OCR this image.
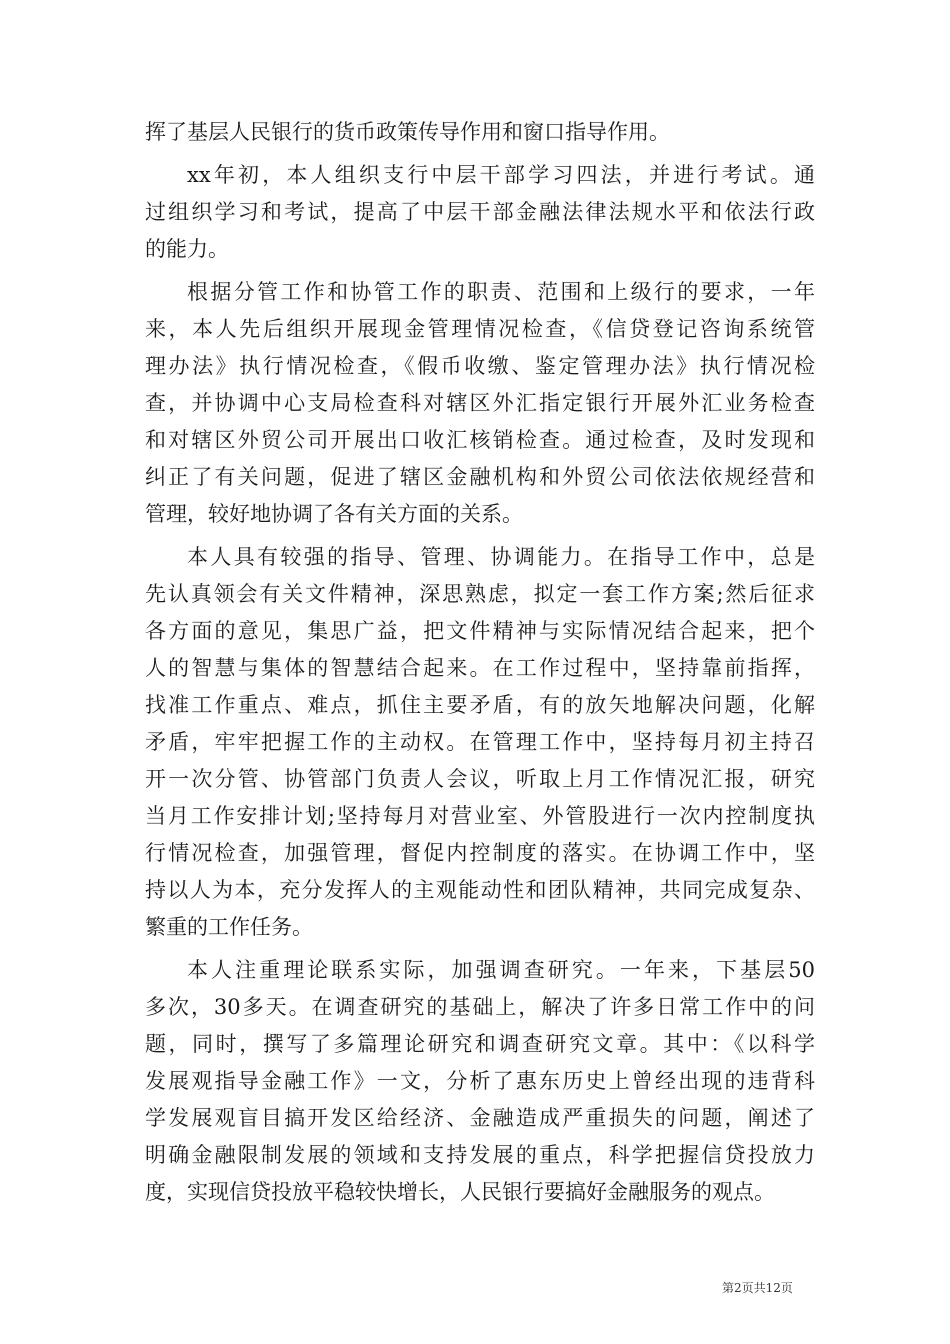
挥了基层人民银行的货币政策传导作用和窗口指导作用。
xx年初，本人组织支行中层干部学习四法，并进行考试。通
过组织学习和考试，提高了中层干部金融法律法规水平和依法行政
的能力。
根据分管工作和协管工作的职责、范围和上级行的要求，一年
来，本人先后组织开展现金管理情况检查，《信贷登记咨询系统管
理办法》执行情况检查，《假币收缴、鉴定管理办法》执行情况检
查，并协调中心支局检查科对辖区外汇指定银行开展外汇业务检查
和对辖区外贸公司开展出口收汇核销检查。通过检查，及时发现和
纠正了有关问题，促进了辖区金融机构和外贸公司依法依规经营和
管理，较好地协调了各有关方面的关系。
本人具有较强的指导、管理、协调能力。在指导工作中，总是
先认真领会有关文件精神，深思熟虑，拟定一套工作方案;然后征求
各方面的意见，集思广益，把文件精神与实际情况结合起来，把个
人的智慧与集体的智慧结合起来。在工作过程中，坚持靠前指挥，
找准工作重点、难点，抓住主要矛盾，有的放矢地解决问题，化解
矛盾，牢牢把握工作的主动权。在管理工作中，坚持每月初主持召
开一次分管、协管部门负责人会议，听取上月工作情况汇报，研究
当月工作安排计划;坚持每月对营业室、外管股进行一次内控制度执
行情况检查，加强管理，督促内控制度的落实。在协调工作中，坚
持以人为本，充分发挥人的主观能动性和团队精神，共同完成复杂、
繁重的工作任务。
本人注重理论联系实际，加强调查研究。一年来，下基层50
多次，30多天。在调查研究的基础上，解决了许多日常工作中的问
题，同时，撰写了多篇理论研究和调查研究文章。其中：《以科学
发展观指导金融工作》一文，分析了惠东历史上曾经出现的违背科
学发展观盲目搞开发区给经济、金融造成严重损失的问题，阐述了
明确金融限制发展的领域和支持发展的重点，科学把握信贷投放力
度，实现信贷投放平稳较快增长，人民银行要搞好金融服务的观点。
第2页共12页
